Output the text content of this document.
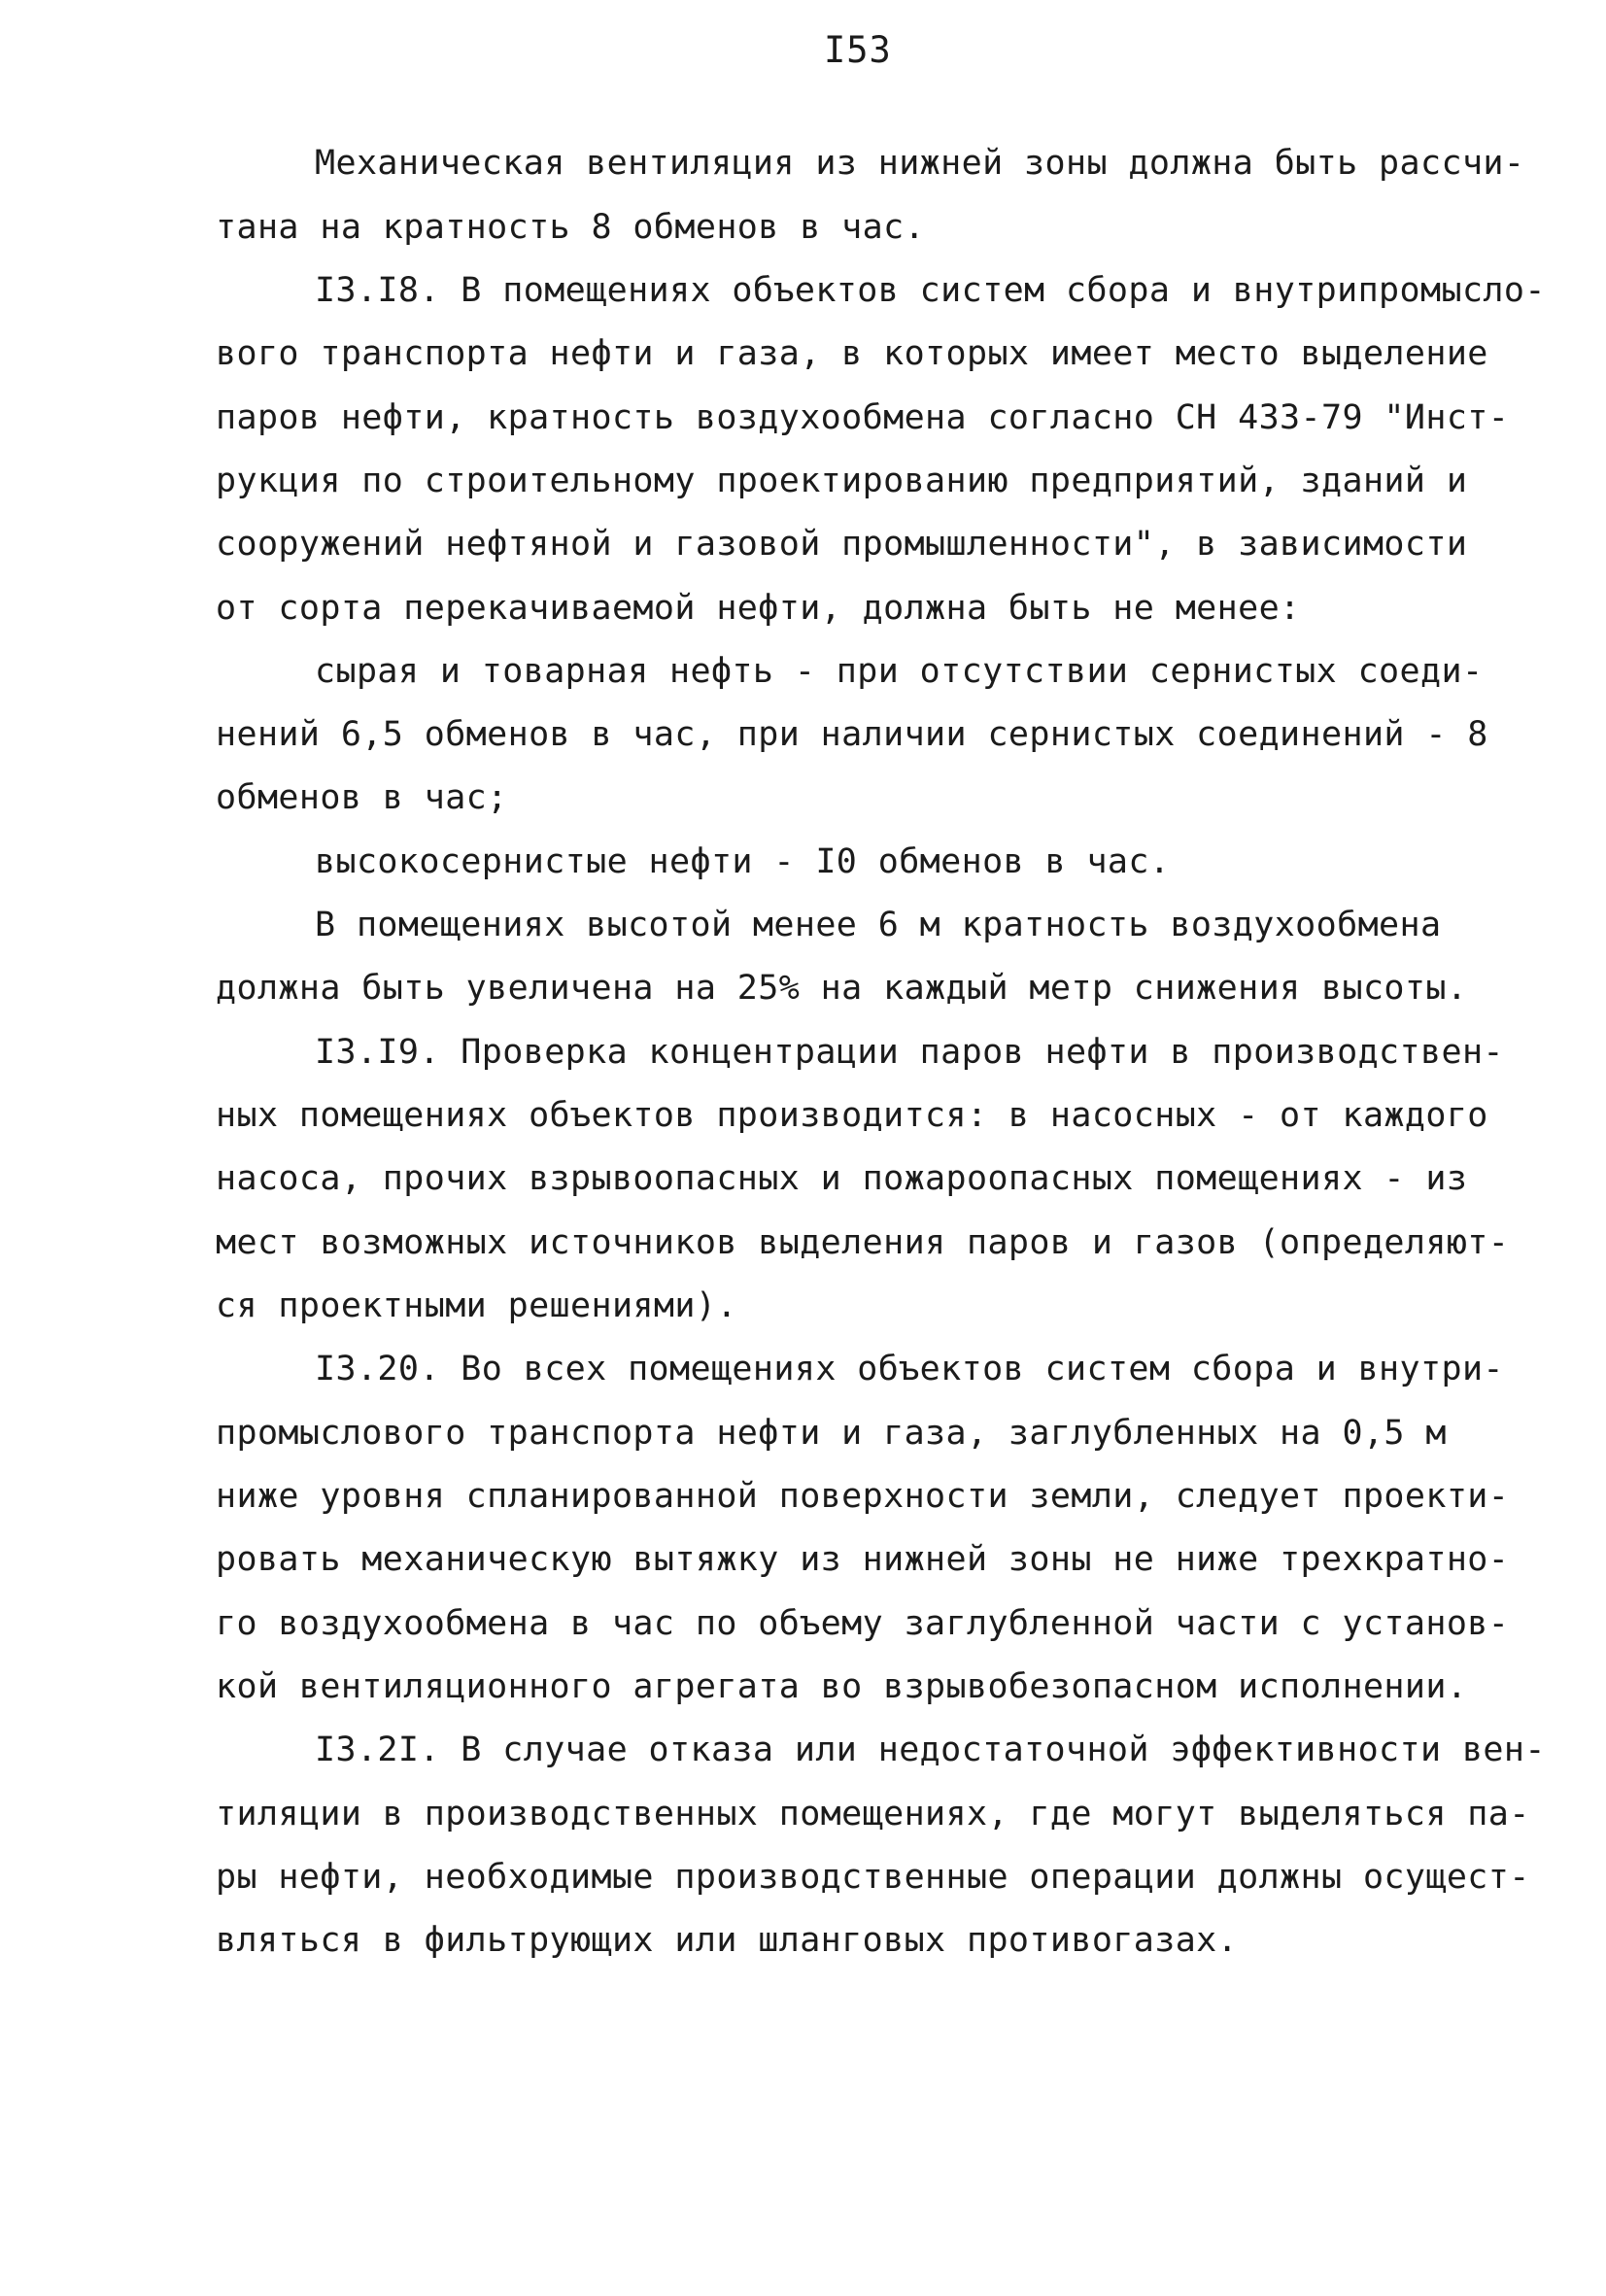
I53
Механическая вентиляция из нижней зоны должна быть рассчи-
тана на кратность 8 обменов в час.
I3.I8. В помещениях объектов систем сбора и внутрипромысло-
вого транспорта нефти и газа, в которых имеет место выделение
паров нефти, кратность воздухообмена согласно СН 433-79 "Инст-
рукция по строительному проектированию предприятий, зданий и
сооружений нефтяной и газовой промышленности", в зависимости
от сорта перекачиваемой нефти, должна быть не менее:
сырая и товарная нефть - при отсутствии сернистых соеди-
нений 6,5 обменов в час, при наличии сернистых соединений - 8
обменов в час;
высокосернистые нефти - I0 обменов в час.
В помещениях высотой менее 6 м кратность воздухообмена
должна быть увеличена на 25% на каждый метр снижения высоты.
I3.I9. Проверка концентрации паров нефти в производствен-
ных помещениях объектов производится: в насосных - от каждого
насоса, прочих взрывоопасных и пожароопасных помещениях - из
мест возможных источников выделения паров и газов (определяют-
ся проектными решениями).
I3.20. Во всех помещениях объектов систем сбора и внутри-
промыслового транспорта нефти и газа, заглубленных на 0,5 м
ниже уровня спланированной поверхности земли, следует проекти-
ровать механическую вытяжку из нижней зоны не ниже трехкратно-
го воздухообмена в час по объему заглубленной части с установ-
кой вентиляционного агрегата во взрывобезопасном исполнении.
I3.2I. В случае отказа или недостаточной эффективности вен-
тиляции в производственных помещениях, где могут выделяться па-
ры нефти, необходимые производственные операции должны осущест-
вляться в фильтрующих или шланговых противогазах.
